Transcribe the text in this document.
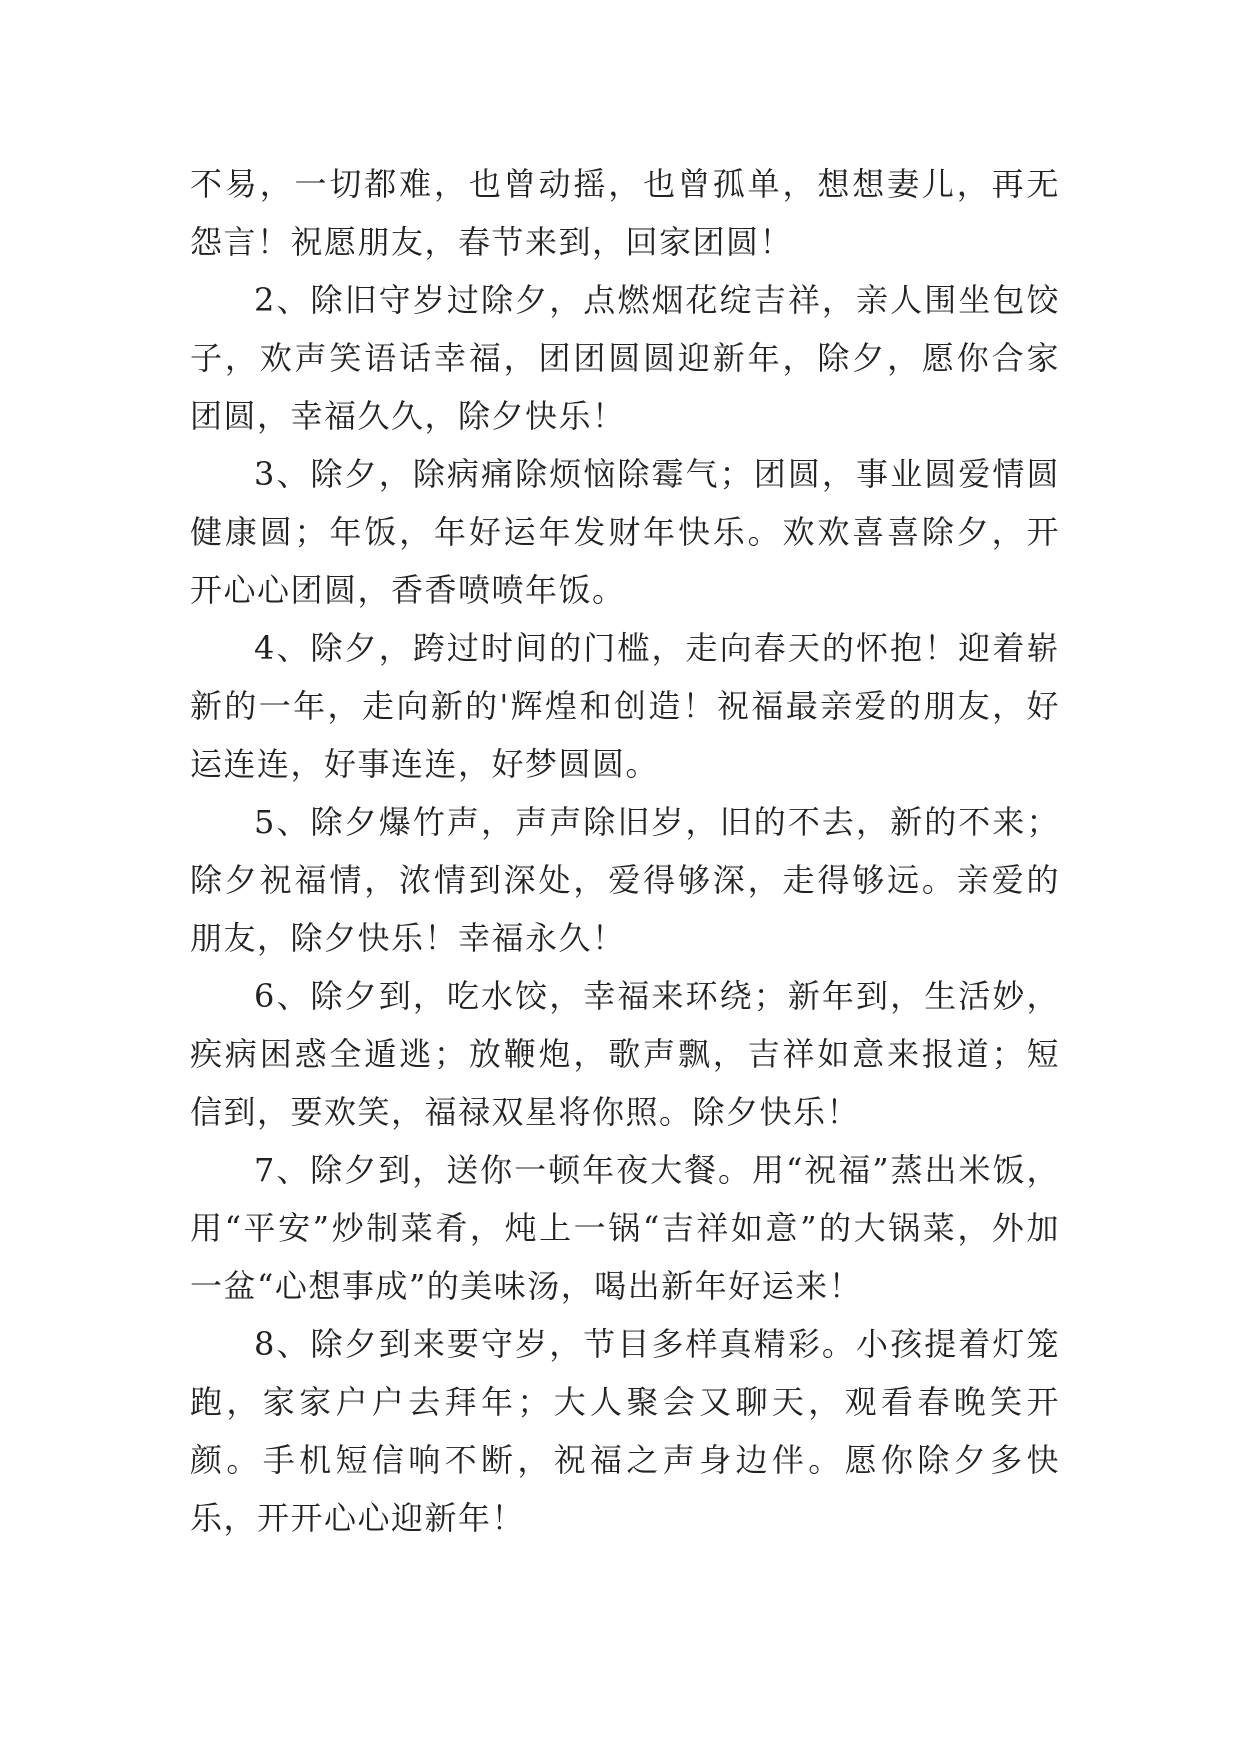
不易，一切都难，也曾动摇，也曾孤单，想想妻儿，再无怨言！祝愿朋友，春节来到，回家团圆！

2、除旧守岁过除夕，点燃烟花绽吉祥，亲人围坐包饺子，欢声笑语话幸福，团团圆圆迎新年，除夕，愿你合家团圆，幸福久久，除夕快乐！

3、除夕，除病痛除烦恼除霉气；团圆，事业圆爱情圆健康圆；年饭，年好运年发财年快乐。欢欢喜喜除夕，开开心心团圆，香香喷喷年饭。

4、除夕，跨过时间的门槛，走向春天的怀抱！迎着崭新的一年，走向新的'辉煌和创造！祝福最亲爱的朋友，好运连连，好事连连，好梦圆圆。

5、除夕爆竹声，声声除旧岁，旧的不去，新的不来；除夕祝福情，浓情到深处，爱得够深，走得够远。亲爱的朋友，除夕快乐！幸福永久！

6、除夕到，吃水饺，幸福来环绕；新年到，生活妙，疾病困惑全遁逃；放鞭炮，歌声飘，吉祥如意来报道；短信到，要欢笑，福禄双星将你照。除夕快乐！

7、除夕到，送你一顿年夜大餐。用“祝福”蒸出米饭，用“平安”炒制菜肴，炖上一锅“吉祥如意”的大锅菜，外加一盆“心想事成”的美味汤，喝出新年好运来！

8、除夕到来要守岁，节目多样真精彩。小孩提着灯笼跑，家家户户去拜年；大人聚会又聊天，观看春晚笑开颜。手机短信响不断，祝福之声身边伴。愿你除夕多快乐，开开心心迎新年！
